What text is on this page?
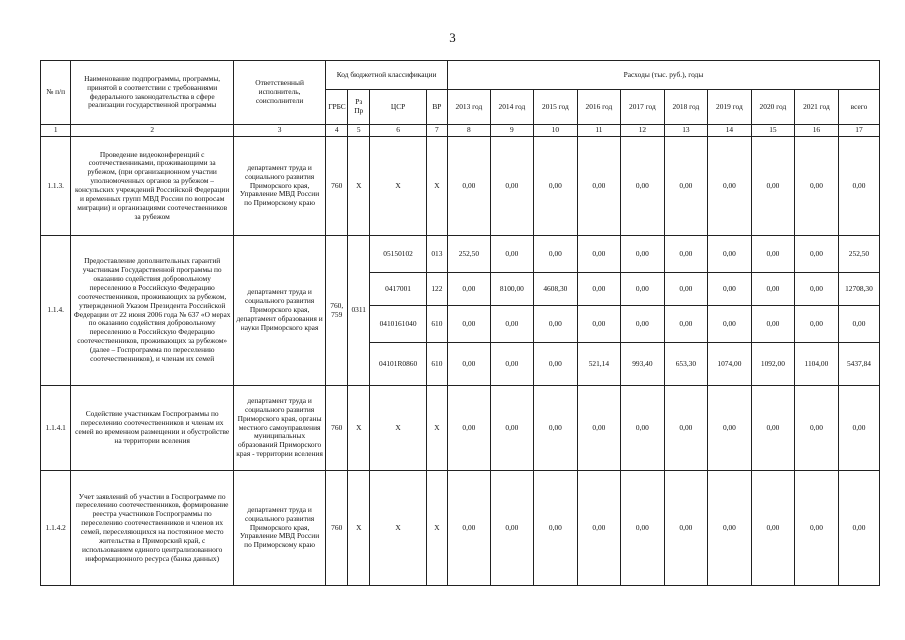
3
№ п/п	Наименование подпрограммы, программы, принятой в соответствии с требованиями федерального законодательства в сфере реализации государственной программы	Ответственный исполнитель, соисполнители	Код бюджетной классификации				Расходы (тыс. руб.), годы									
			ГРБС	Рз Пр	ЦСР	ВР	2013 год	2014 год	2015 год	2016 год	2017 год	2018 год	2019 год	2020 год	2021 год	всего
1	2	3	4	5	6	7	8	9	10	11	12	13	14	15	16	17
1.1.3.	Проведение видеоконференций с соотечественниками, проживающими за рубежом, (при организационном участии уполномоченных органов за рубежом – консульских учреждений Российской Федерации и временных групп МВД России по вопросам миграции) и организациями соотечественников за рубежом	департамент труда и социального развития Приморского края, Управление МВД России по Приморскому краю	760	Х	Х	Х	0,00	0,00	0,00	0,00	0,00	0,00	0,00	0,00	0,00	0,00
1.1.4.	Предоставление дополнительных гарантий участникам Государственной программы по оказанию содействия добровольному переселению в Российскую Федерацию соотечественников, проживающих за рубежом, утвержденной Указом Президента Российской Федерации от 22 июня 2006 года № 637 «О мерах по оказанию содействия добровольному переселению в Российскую Федерацию соотечественников, проживающих за рубежом» (далее – Госпрограмма по переселению соотечественников), и членам их семей	департамент труда и социального развития Приморского края, департамент образования и науки Приморского края	760, 759	0311	05150102	013	252,50	0,00	0,00	0,00	0,00	0,00	0,00	0,00	0,00	252,50
					0417001	122	0,00	8100,00	4608,30	0,00	0,00	0,00	0,00	0,00	0,00	12708,30
					0410161040	610	0,00	0,00	0,00	0,00	0,00	0,00	0,00	0,00	0,00	0,00
					04101R0860	610	0,00	0,00	0,00	521,14	993,40	653,30	1074,00	1092,00	1104,00	5437,84
1.1.4.1	Содействие участникам Госпрограммы по переселению соотечественников и членам их семей во временном размещении и обустройстве на территории вселения	департамент труда и социального развития Приморского края, органы местного самоуправления муниципальных образований Приморского края - территории вселения	760	Х	Х	Х	0,00	0,00	0,00	0,00	0,00	0,00	0,00	0,00	0,00	0,00
1.1.4.2	Учет заявлений об участии в Госпрограмме по переселению соотечественников, формирование реестра участников Госпрограммы по переселению соотечественников и членов их семей, переселяющихся на постоянное место жительства в Приморский край, с использованием единого централизованного информационного ресурса (банка данных)	департамент труда и социального развития Приморского края, Управление МВД России по Приморскому краю	760	Х	Х	Х	0,00	0,00	0,00	0,00	0,00	0,00	0,00	0,00	0,00	0,00
